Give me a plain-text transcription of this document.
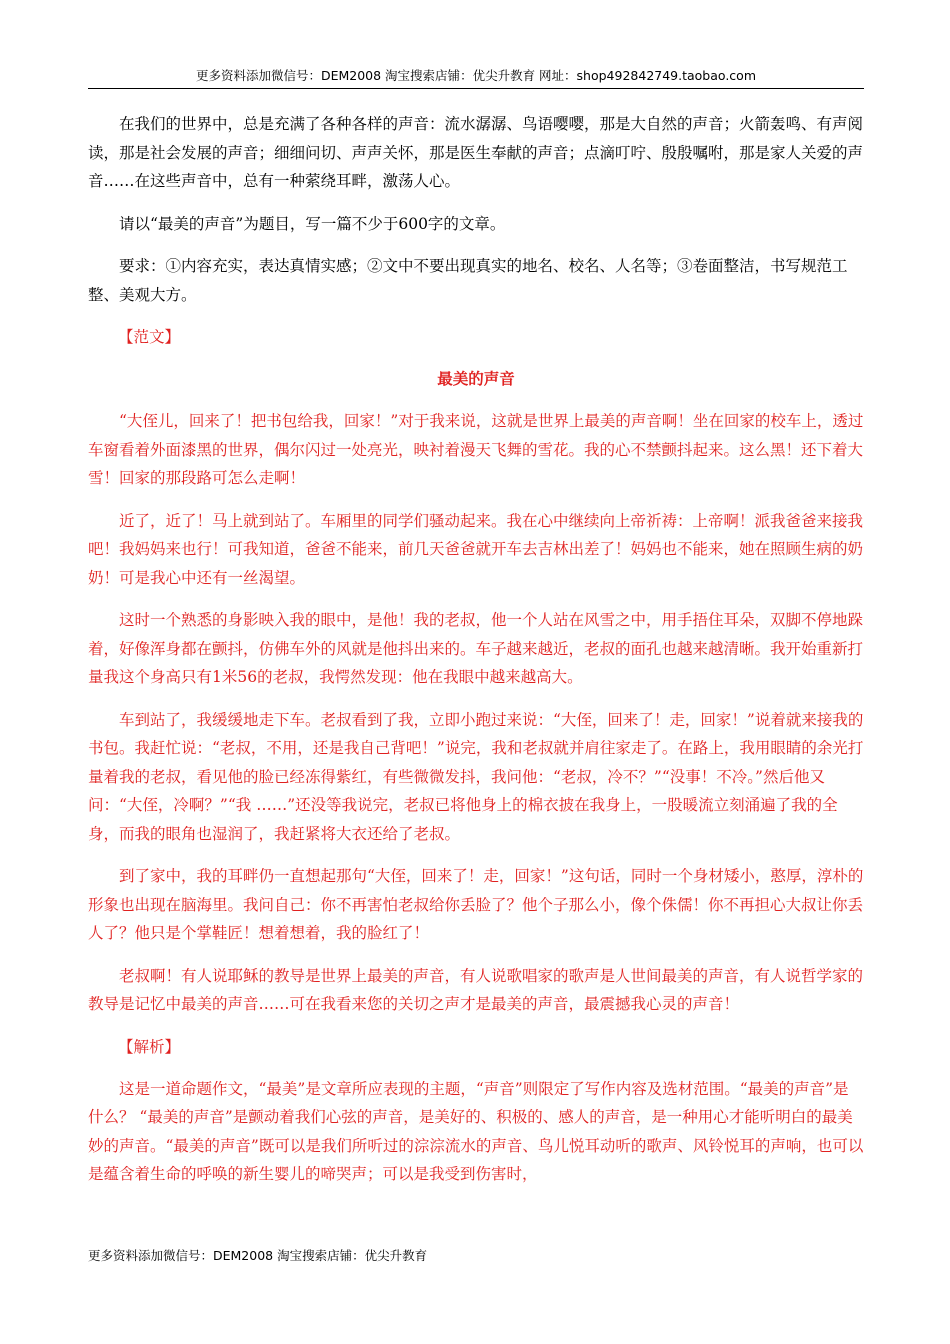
更多资料添加微信号：DEM2008 淘宝搜索店铺：优尖升教育 网址：shop492842749.taobao.com

在我们的世界中，总是充满了各种各样的声音：流水潺潺、鸟语嘤嘤，那是大自然的声音；火箭轰鸣、有声阅读，那是社会发展的声音；细细问切、声声关怀，那是医生奉献的声音；点滴叮咛、殷殷嘱咐，那是家人关爱的声音……在这些声音中，总有一种萦绕耳畔，激荡人心。

请以“最美的声音”为题目，写一篇不少于600字的文章。

要求：①内容充实，表达真情实感；②文中不要出现真实的地名、校名、人名等；③卷面整洁，书写规范工整、美观大方。

【范文】
最美的声音

“大侄儿，回来了！把书包给我，回家！”对于我来说，这就是世界上最美的声音啊！坐在回家的校车上，透过车窗看着外面漆黑的世界，偶尔闪过一处亮光，映衬着漫天飞舞的雪花。我的心不禁颤抖起来。这么黑！还下着大雪！回家的那段路可怎么走啊！

近了，近了！马上就到站了。车厢里的同学们骚动起来。我在心中继续向上帝祈祷：上帝啊！派我爸爸来接我吧！我妈妈来也行！可我知道，爸爸不能来，前几天爸爸就开车去吉林出差了！妈妈也不能来，她在照顾生病的奶奶！可是我心中还有一丝渴望。

这时一个熟悉的身影映入我的眼中，是他！我的老叔，他一个人站在风雪之中，用手捂住耳朵，双脚不停地跺着，好像浑身都在颤抖，仿佛车外的风就是他抖出来的。车子越来越近，老叔的面孔也越来越清晰。我开始重新打量我这个身高只有1米56的老叔，我愕然发现：他在我眼中越来越高大。

车到站了，我缓缓地走下车。老叔看到了我，立即小跑过来说：“大侄，回来了！走，回家！”说着就来接我的书包。我赶忙说：“老叔，不用，还是我自己背吧！”说完，我和老叔就并肩往家走了。在路上，我用眼睛的余光打量着我的老叔，看见他的脸已经冻得紫红，有些微微发抖，我问他：“老叔，冷不？”“没事！不冷。”然后他又问：“大侄，冷啊？”“我 ……”还没等我说完，老叔已将他身上的棉衣披在我身上，一股暖流立刻涌遍了我的全身，而我的眼角也湿润了，我赶紧将大衣还给了老叔。

到了家中，我的耳畔仍一直想起那句“大侄，回来了！走，回家！”这句话，同时一个身材矮小，憨厚，淳朴的形象也出现在脑海里。我问自己：你不再害怕老叔给你丢脸了？他个子那么小，像个侏儒！你不再担心大叔让你丢人了？他只是个掌鞋匠！想着想着，我的脸红了！

老叔啊！有人说耶稣的教导是世界上最美的声音，有人说歌唱家的歌声是人世间最美的声音，有人说哲学家的教导是记忆中最美的声音……可在我看来您的关切之声才是最美的声音，最震撼我心灵的声音！

【解析】

这是一道命题作文，“最美”是文章所应表现的主题，“声音”则限定了写作内容及选材范围。“最美的声音”是什么？ “最美的声音”是颤动着我们心弦的声音，是美好的、积极的、感人的声音，是一种用心才能听明白的最美妙的声音。“最美的声音”既可以是我们所听过的淙淙流水的声音、鸟儿悦耳动听的歌声、风铃悦耳的声响，也可以是蕴含着生命的呼唤的新生婴儿的啼哭声；可以是我受到伤害时，

更多资料添加微信号：DEM2008 淘宝搜索店铺：优尖升教育
